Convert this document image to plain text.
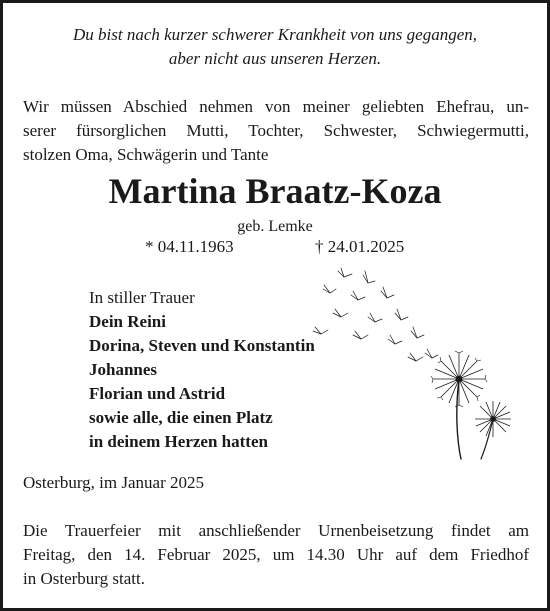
Du bist nach kurzer schwerer Krankheit von uns gegangen,
aber nicht aus unseren Herzen.
Wir müssen Abschied nehmen von meiner geliebten Ehefrau, un-
serer fürsorglichen Mutti, Tochter, Schwester, Schwiegermutti,
stolzen Oma, Schwägerin und Tante
Martina Braatz-Koza
geb. Lemke
* 04.11.1963	† 24.01.2025
In stiller Trauer
Dein Reini
Dorina, Steven und Konstantin
Johannes
Florian und Astrid
sowie alle, die einen Platz
in deinem Herzen hatten
Osterburg, im Januar 2025
Die Trauerfeier mit anschließender Urnenbeisetzung findet am
Freitag, den 14. Februar 2025, um 14.30 Uhr auf dem Friedhof
in Osterburg statt.
